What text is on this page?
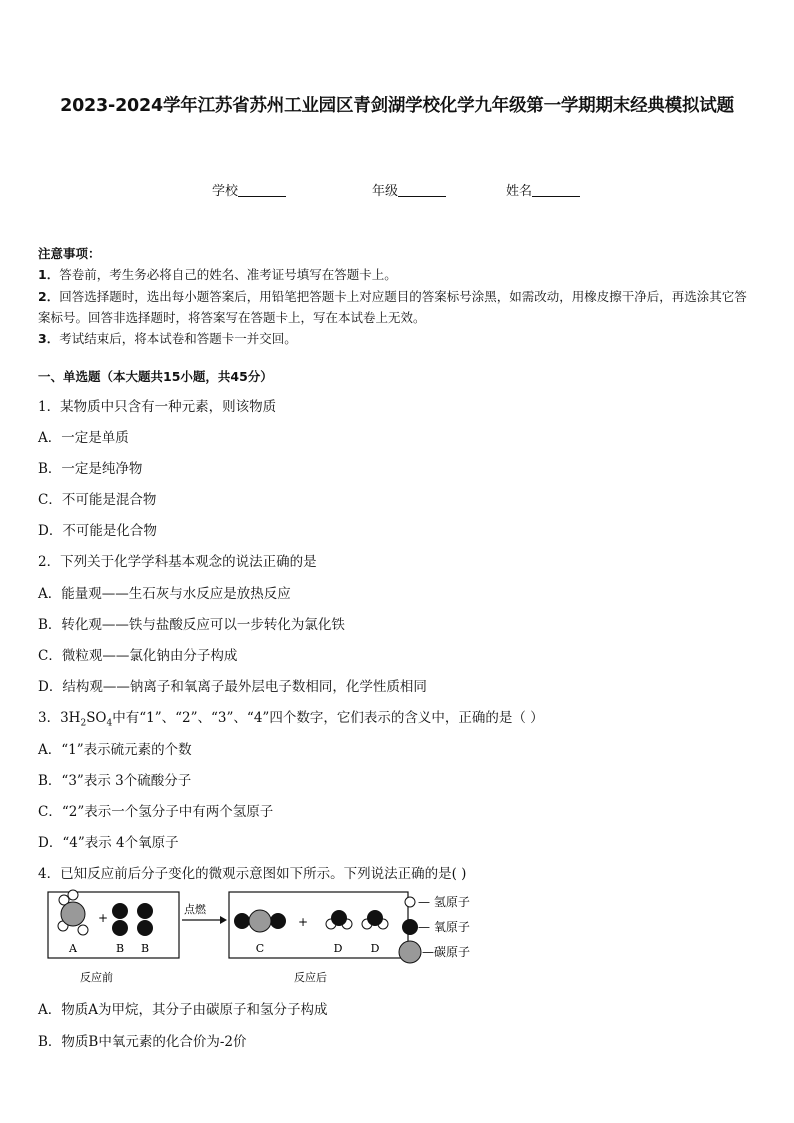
2023-2024学年江苏省苏州工业园区青剑湖学校化学九年级第一学期期末经典模拟试题
学校	年级	姓名
注意事项：
1．答卷前，考生务必将自己的姓名、准考证号填写在答题卡上。
2．回答选择题时，选出每小题答案后，用铅笔把答题卡上对应题目的答案标号涂黑，如需改动，用橡皮擦干净后，再选涂其它答案标号。回答非选择题时，将答案写在答题卡上，写在本试卷上无效。
3．考试结束后，将本试卷和答题卡一并交回。
一、单选题（本大题共15小题，共45分）
1．某物质中只含有一种元素，则该物质
A．一定是单质
B．一定是纯净物
C．不可能是混合物
D．不可能是化合物
2．下列关于化学学科基本观念的说法正确的是
A．能量观——生石灰与水反应是放热反应
B．转化观——铁与盐酸反应可以一步转化为氯化铁
C．微粒观——氯化钠由分子构成
D．结构观——钠离子和氧离子最外层电子数相同，化学性质相同
3．$3H_2SO_4$中有“1”、“2”、“3”、“4”四个数字，它们表示的含义中，正确的是（ ）
A．“1”表示硫元素的个数
B．“3”表示 3个硫酸分子
C．“2”表示一个氢分子中有两个氢原子
D．“4”表示 4个氧原子
4．已知反应前后分子变化的微观示意图如下所示。下列说法正确的是( )
+
A	B B
反应前
点燃
+
C	D	D
反应后
— 氢原子
— 氧原子
—碳原子
A．物质A为甲烷，其分子由碳原子和氢分子构成
B．物质B中氧元素的化合价为-2价
